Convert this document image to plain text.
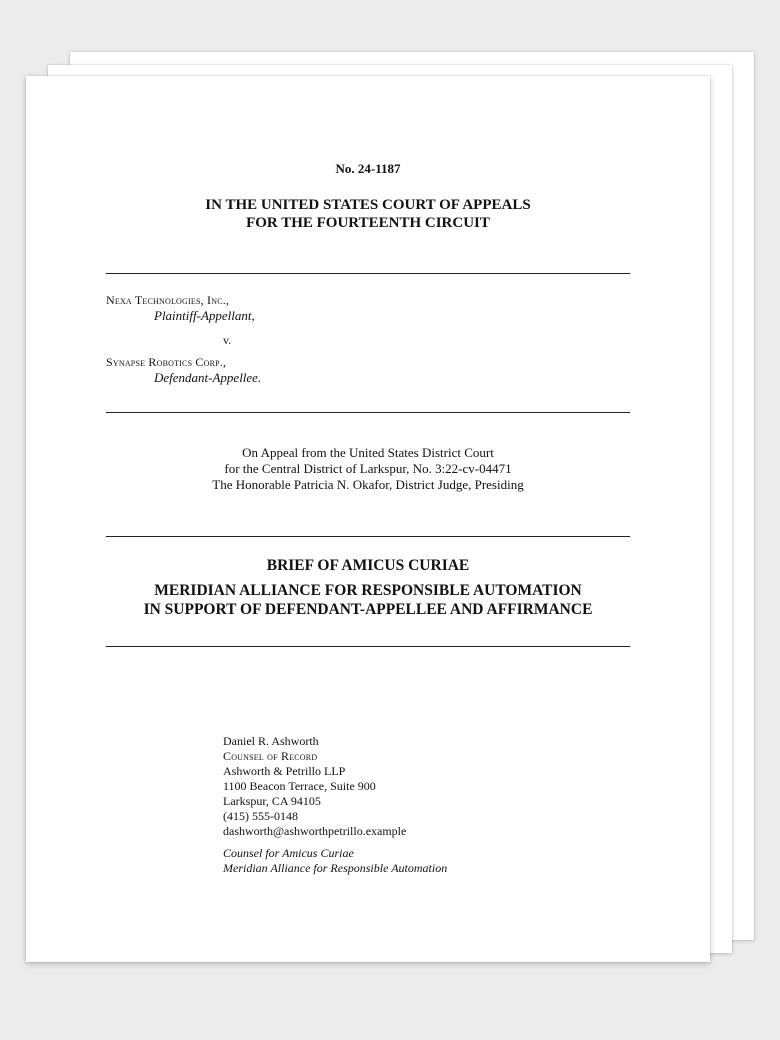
No. 24-1187
IN THE UNITED STATES COURT OF APPEALS
FOR THE FOURTEENTH CIRCUIT
Nexa Technologies, Inc.,
Plaintiff-Appellant,
v.
Synapse Robotics Corp.,
Defendant-Appellee.
On Appeal from the United States District Court
for the Central District of Larkspur, No. 3:22-cv-04471
The Honorable Patricia N. Okafor, District Judge, Presiding
BRIEF OF AMICUS CURIAE
MERIDIAN ALLIANCE FOR RESPONSIBLE AUTOMATION
IN SUPPORT OF DEFENDANT-APPELLEE AND AFFIRMANCE
Daniel R. Ashworth
Counsel of Record
Ashworth & Petrillo LLP
1100 Beacon Terrace, Suite 900
Larkspur, CA 94105
(415) 555-0148
dashworth@ashworthpetrillo.example
Counsel for Amicus Curiae
Meridian Alliance for Responsible Automation
